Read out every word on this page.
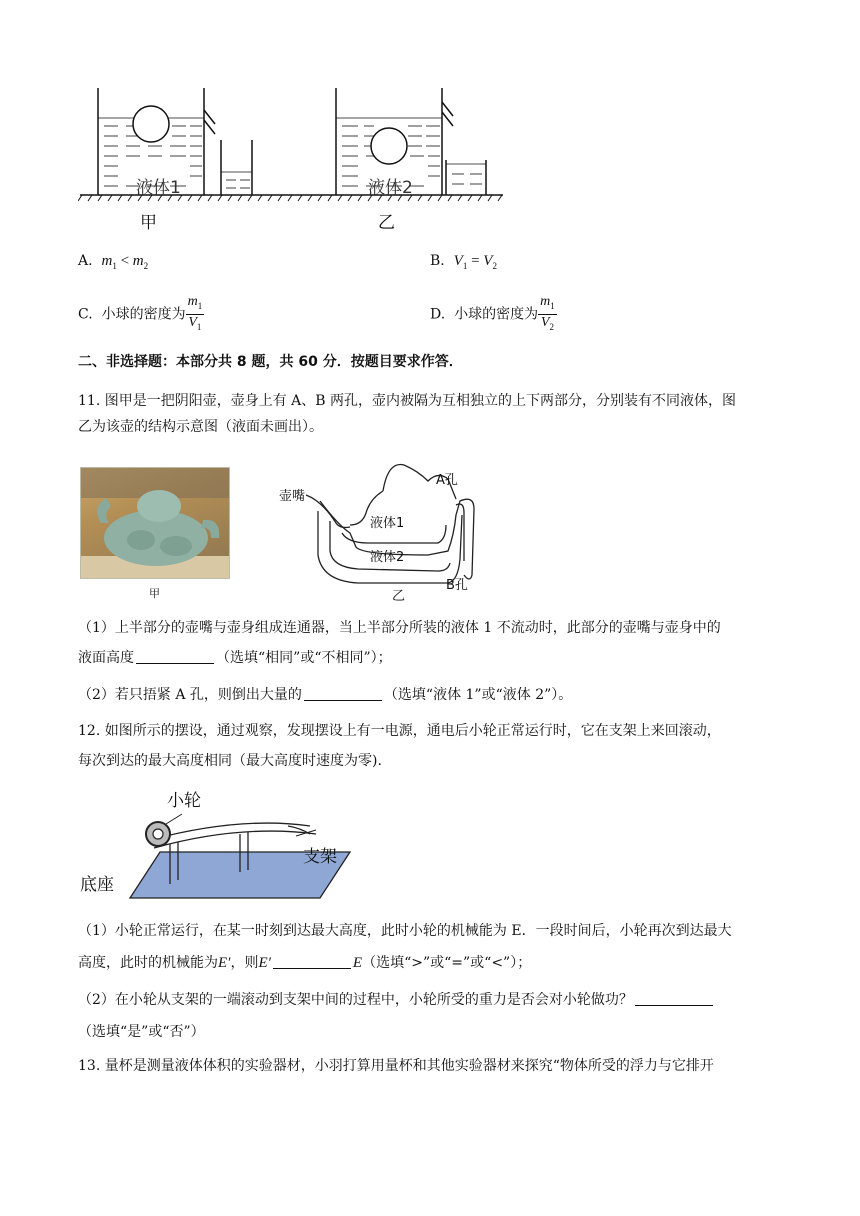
液体1	液体2
甲	乙
A. $m_1 < m_2$	B. $V_1 = V_2$
C. 小球的密度为 $\frac{m_1}{V_1}$	D. 小球的密度为 $\frac{m_1}{V_2}$
二、非选择题：本部分共 8 题，共 60 分．按题目要求作答．
11. 图甲是一把阴阳壶，壶身上有 A、B 两孔，壶内被隔为互相独立的上下两部分，分别装有不同液体，图
乙为该壶的结构示意图（液面未画出）。
甲
壶嘴
A孔
液体1
液体2
B孔
乙
（1）上半部分的壶嘴与壶身组成连通器，当上半部分所装的液体 1 不流动时，此部分的壶嘴与壶身中的
液面高度	（选填“相同”或“不相同”）；
（2）若只捂紧 A 孔，则倒出大量的	（选填“液体 1”或“液体 2”）。
12. 如图所示的摆设，通过观察，发现摆设上有一电源，通电后小轮正常运行时，它在支架上来回滚动，
每次到达的最大高度相同（最大高度时速度为零).
小轮
支架
底座
（1）小轮正常运行，在某一时刻到达最大高度，此时小轮的机械能为 E．一段时间后，小轮再次到达最大
高度，此时的机械能为E′，则E′	E（选填“>”或“=”或“<”）；
（2）在小轮从支架的一端滚动到支架中间的过程中，小轮所受的重力是否会对小轮做功？
（选填“是”或“否”）
13. 量杯是测量液体体积的实验器材，小羽打算用量杯和其他实验器材来探究“物体所受的浮力与它排开
